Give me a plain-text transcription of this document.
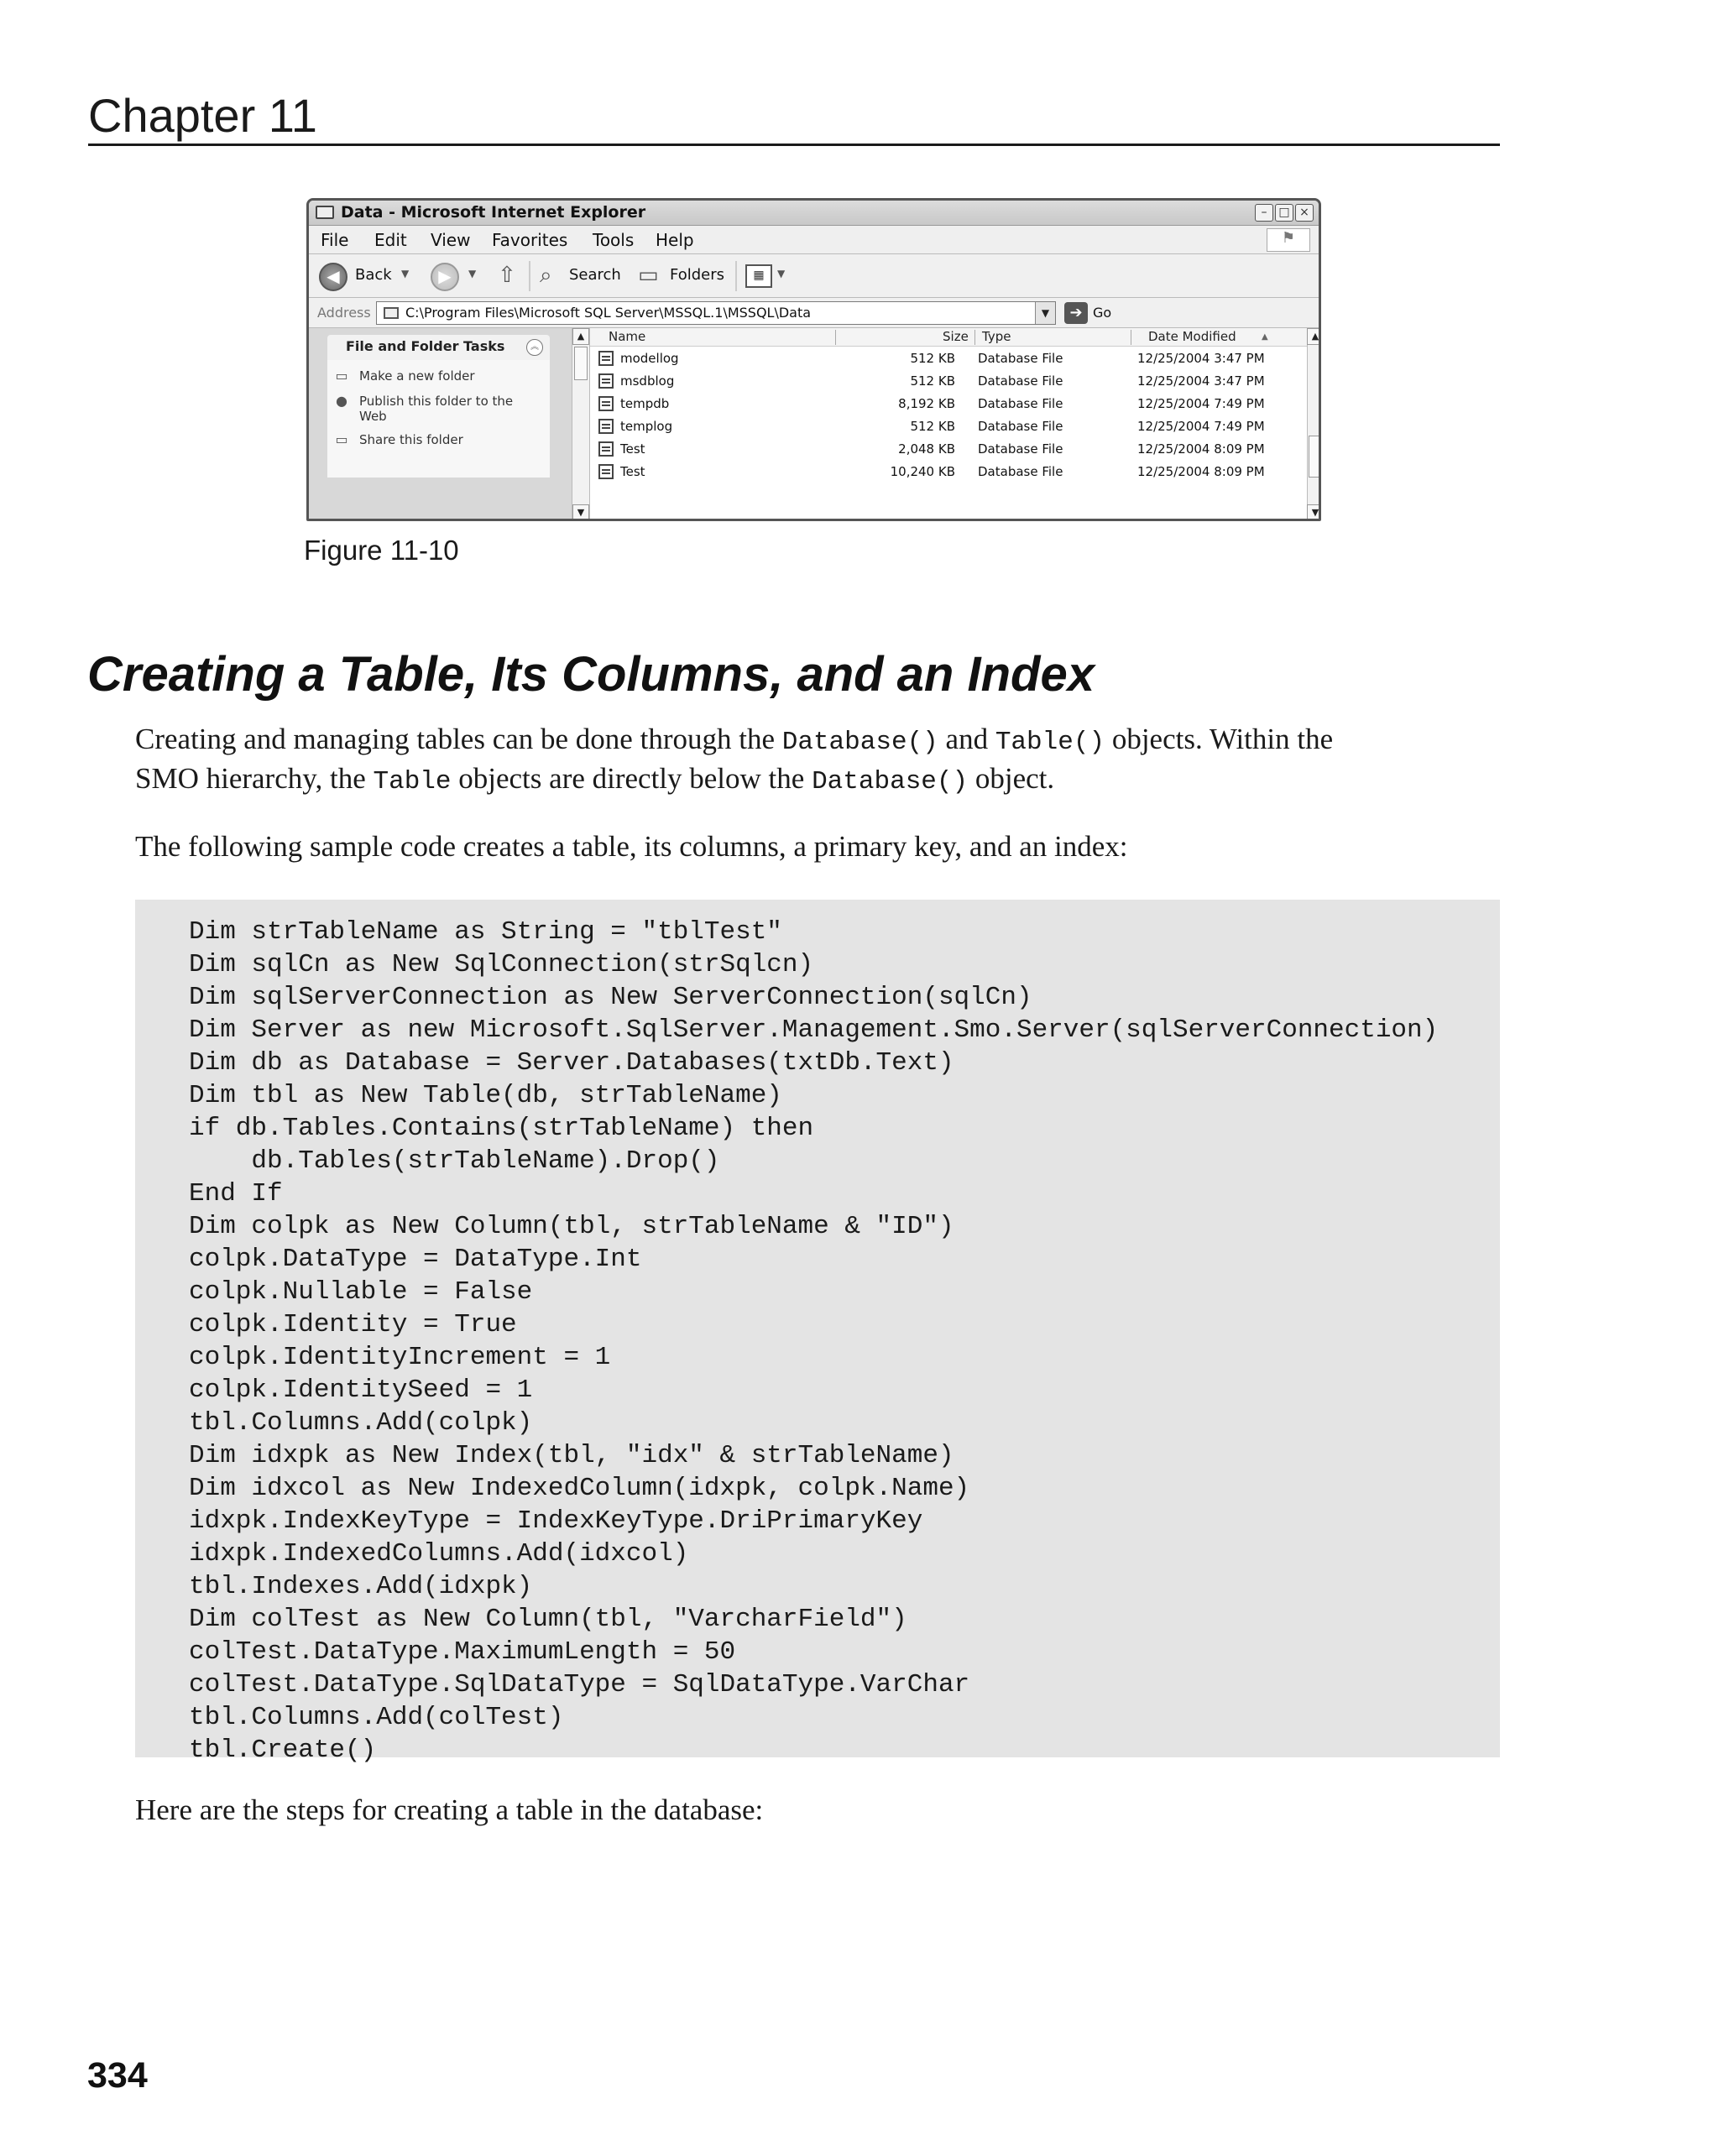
Chapter 11
Data - Microsoft Internet Explorer	– □ ×
File Edit View Favorites Tools Help	⚑
◀	Back ▼	▶	▼ ⇧ ⌕ Search ▭ Folders	▦	▼
Address	C:\Program Files\Microsoft SQL Server\MSSQL.1\MSSQL\Data	▼	➔ Go
File and Folder Tasks	︽
▭ Make a new folder
● Publish this folder to the Web
▭ Share this folder
▲
▼
Name	Size Type	Date Modified	▲
modellog	512 KB Database File	12/25/2004 3:47 PM
msdblog	512 KB Database File	12/25/2004 3:47 PM
tempdb	8,192 KB Database File	12/25/2004 7:49 PM
templog	512 KB Database File	12/25/2004 7:49 PM
Test	2,048 KB Database File	12/25/2004 8:09 PM
Test	10,240 KB Database File	12/25/2004 8:09 PM
▲
▼
Figure 11-10
Creating a Table, Its Columns, and an Index
Creating and managing tables can be done through the Database() and Table() objects. Within the
SMO hierarchy, the Table objects are directly below the Database() object.
The following sample code creates a table, its columns, a primary key, and an index:
Dim strTableName as String = "tblTest"
Dim sqlCn as New SqlConnection(strSqlcn)
Dim sqlServerConnection as New ServerConnection(sqlCn)
Dim Server as new Microsoft.SqlServer.Management.Smo.Server(sqlServerConnection)
Dim db as Database = Server.Databases(txtDb.Text)
Dim tbl as New Table(db, strTableName)
if db.Tables.Contains(strTableName) then
db.Tables(strTableName).Drop()
End If
Dim colpk as New Column(tbl, strTableName & "ID")
colpk.DataType = DataType.Int
colpk.Nullable = False
colpk.Identity = True
colpk.IdentityIncrement = 1
colpk.IdentitySeed = 1
tbl.Columns.Add(colpk)
Dim idxpk as New Index(tbl, "idx" & strTableName)
Dim idxcol as New IndexedColumn(idxpk, colpk.Name)
idxpk.IndexKeyType = IndexKeyType.DriPrimaryKey
idxpk.IndexedColumns.Add(idxcol)
tbl.Indexes.Add(idxpk)
Dim colTest as New Column(tbl, "VarcharField")
colTest.DataType.MaximumLength = 50
colTest.DataType.SqlDataType = SqlDataType.VarChar
tbl.Columns.Add(colTest)
tbl.Create()
Here are the steps for creating a table in the database:
334
